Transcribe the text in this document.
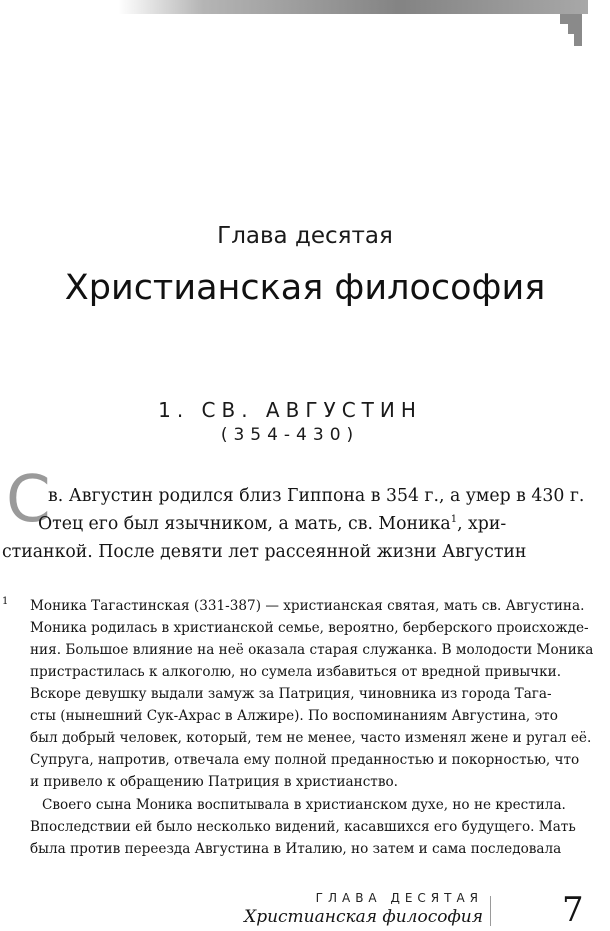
Глава десятая
Христианская философия
1. СВ. АВГУСТИН
(354-430)
С
в. Августин родился близ Гиппона в 354 г., а умер в 430 г.
Отец его был язычником, а мать, св. Моника$^1$, хри-
стианкой. После девяти лет рассеянной жизни Августин
1 Моника Тагастинская (331-387) — христианская святая, мать св. Августина.
Моника родилась в христианской семье, вероятно, берберского происхожде-
ния. Большое влияние на неё оказала старая служанка. В молодости Моника
пристрастилась к алкоголю, но сумела избавиться от вредной привычки.
Вскоре девушку выдали замуж за Патриция, чиновника из города Тага-
сты (нынешний Сук-Ахрас в Алжире). По воспоминаниям Августина, это
был добрый человек, который, тем не менее, часто изменял жене и ругал её.
Супруга, напротив, отвечала ему полной преданностью и покорностью, что
и привело к обращению Патриция в христианство.
Своего сына Моника воспитывала в христианском духе, но не крестила.
Впоследствии ей было несколько видений, касавшихся его будущего. Мать
была против переезда Августина в Италию, но затем и сама последовала
ГЛАВА ДЕСЯТАЯ
Христианская философия 7
